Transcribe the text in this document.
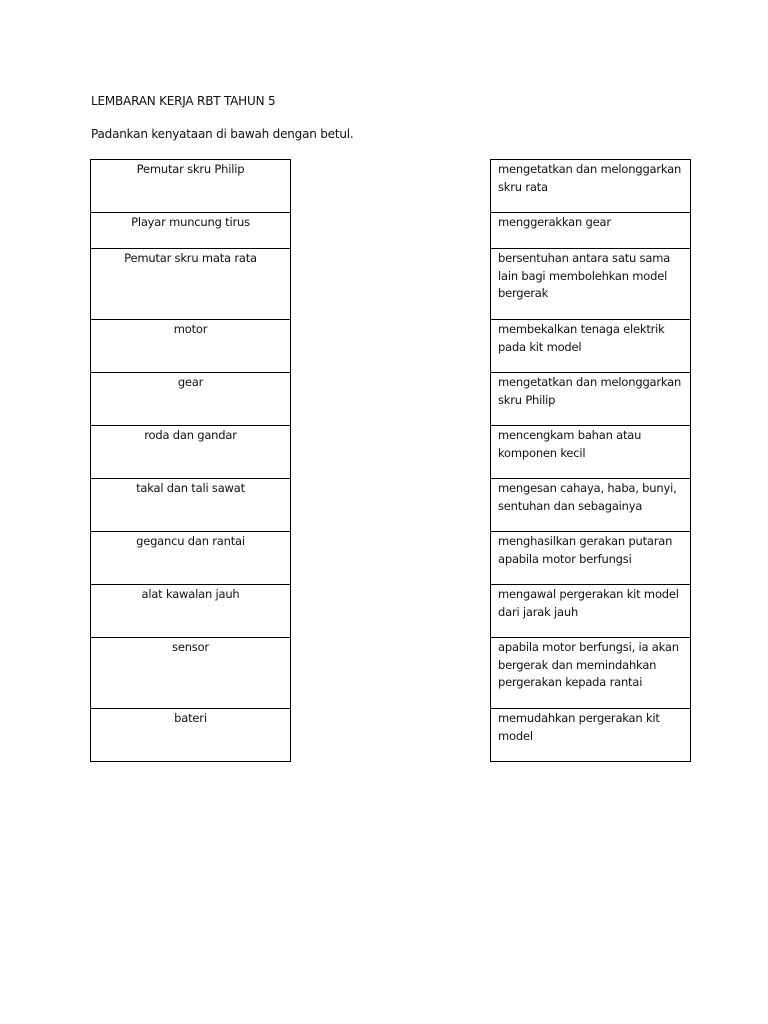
LEMBARAN KERJA RBT TAHUN 5
Padankan kenyataan di bawah dengan betul.
Pemutar skru Philip
Playar muncung tirus
Pemutar skru mata rata
motor
gear
roda dan gandar
takal dan tali sawat
gegancu dan rantai
alat kawalan jauh
sensor
bateri
mengetatkan dan melonggarkan skru rata
menggerakkan gear
bersentuhan antara satu sama lain bagi membolehkan model bergerak
membekalkan tenaga elektrik pada kit model
mengetatkan dan melonggarkan skru Philip
mencengkam bahan atau komponen kecil
mengesan cahaya, haba, bunyi, sentuhan dan sebagainya
menghasilkan gerakan putaran apabila motor berfungsi
mengawal pergerakan kit model dari jarak jauh
apabila motor berfungsi, ia akan bergerak dan memindahkan pergerakan kepada rantai
memudahkan pergerakan kit model
